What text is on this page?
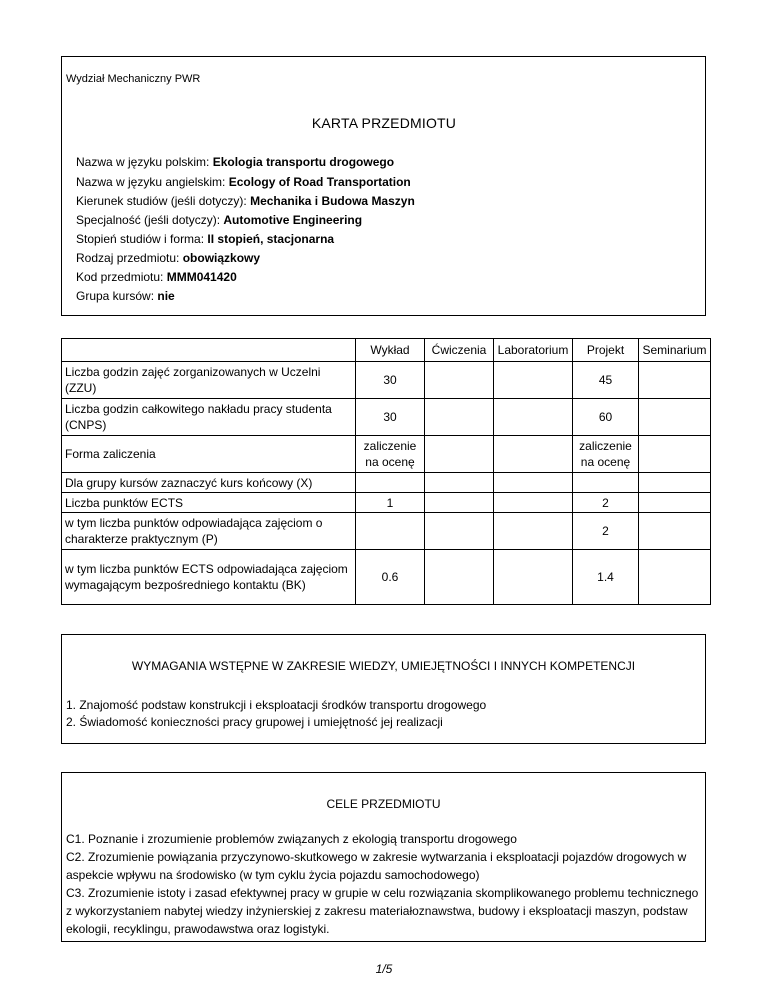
Wydział Mechaniczny PWR
KARTA PRZEDMIOTU
Nazwa w języku polskim: Ekologia transportu drogowego
Nazwa w języku angielskim: Ecology of Road Transportation
Kierunek studiów (jeśli dotyczy): Mechanika i Budowa Maszyn
Specjalność (jeśli dotyczy): Automotive Engineering
Stopień studiów i forma: II stopień, stacjonarna
Rodzaj przedmiotu: obowiązkowy
Kod przedmiotu: MMM041420
Grupa kursów: nie
	Wykład	Ćwiczenia	Laboratorium	Projekt	Seminarium
Liczba godzin zajęć zorganizowanych w Uczelni (ZZU)	30			45	
Liczba godzin całkowitego nakładu pracy studenta (CNPS)	30			60	
Forma zaliczenia	zaliczenie na ocenę			zaliczenie na ocenę	
Dla grupy kursów zaznaczyć kurs końcowy (X)					
Liczba punktów ECTS	1			2	
w tym liczba punktów odpowiadająca zajęciom o charakterze praktycznym (P)				2	
w tym liczba punktów ECTS odpowiadająca zajęciom wymagającym bezpośredniego kontaktu (BK)	0.6			1.4	
WYMAGANIA WSTĘPNE W ZAKRESIE WIEDZY, UMIEJĘTNOŚCI I INNYCH KOMPETENCJI
1. Znajomość podstaw konstrukcji i eksploatacji środków transportu drogowego
2. Świadomość konieczności pracy grupowej i umiejętność jej realizacji
CELE PRZEDMIOTU
C1. Poznanie i zrozumienie problemów związanych z ekologią transportu drogowego
C2. Zrozumienie powiązania przyczynowo-skutkowego w zakresie wytwarzania i eksploatacji pojazdów drogowych w aspekcie wpływu na środowisko (w tym cyklu życia pojazdu samochodowego)
C3. Zrozumienie istoty i zasad efektywnej pracy w grupie w celu rozwiązania skomplikowanego problemu technicznego z wykorzystaniem nabytej wiedzy inżynierskiej z zakresu materiałoznawstwa, budowy i eksploatacji maszyn, podstaw ekologii, recyklingu, prawodawstwa oraz logistyki.
1/5
